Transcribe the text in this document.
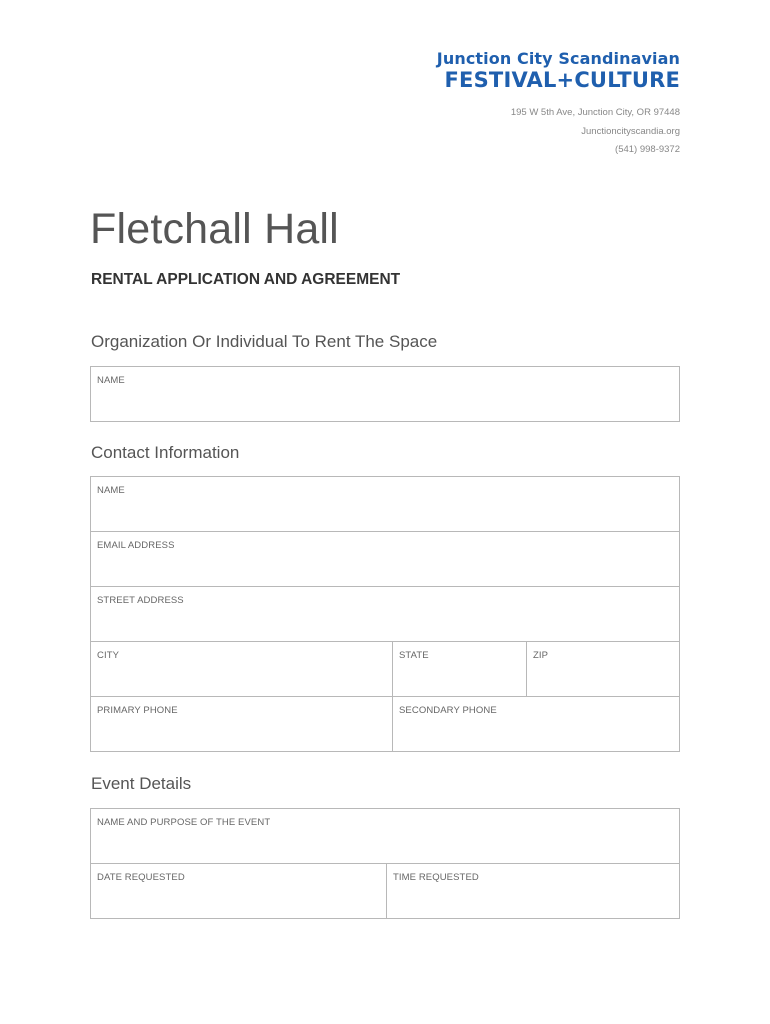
Junction City Scandinavian
FESTIVAL+CULTURE
195 W 5th Ave, Junction City, OR 97448
Junctioncityscandia.org
(541) 998-9372
Fletchall Hall
RENTAL APPLICATION AND AGREEMENT
Organization Or Individual To Rent The Space
NAME
Contact Information
NAME
EMAIL ADDRESS
STREET ADDRESS
CITY	STATE	ZIP
PRIMARY PHONE	SECONDARY PHONE
Event Details
NAME AND PURPOSE OF THE EVENT
DATE REQUESTED	TIME REQUESTED
